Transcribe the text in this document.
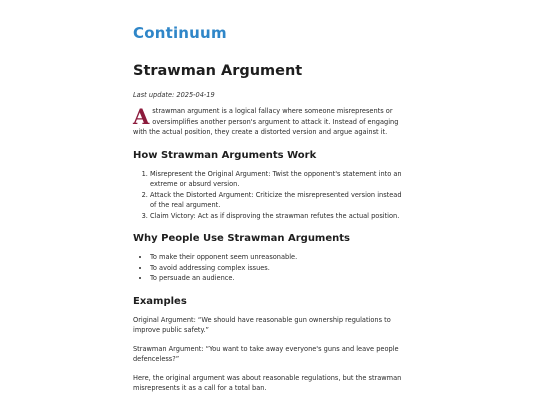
Continuum
Strawman Argument
Last update: 2025-04-19
A strawman argument is a logical fallacy where someone misrepresents or oversimplifies another person's argument to attack it. Instead of engaging with the actual position, they create a distorted version and argue against it.
How Strawman Arguments Work
1. Misrepresent the Original Argument: Twist the opponent's statement into an extreme or absurd version.
2. Attack the Distorted Argument: Criticize the misrepresented version instead of the real argument.
3. Claim Victory: Act as if disproving the strawman refutes the actual position.
Why People Use Strawman Arguments
• To make their opponent seem unreasonable.
• To avoid addressing complex issues.
• To persuade an audience.
Examples

Original Argument: “We should have reasonable gun ownership regulations to improve public safety.”

Strawman Argument: “You want to take away everyone's guns and leave people defenceless?”

Here, the original argument was about reasonable regulations, but the strawman misrepresents it as a call for a total ban.
